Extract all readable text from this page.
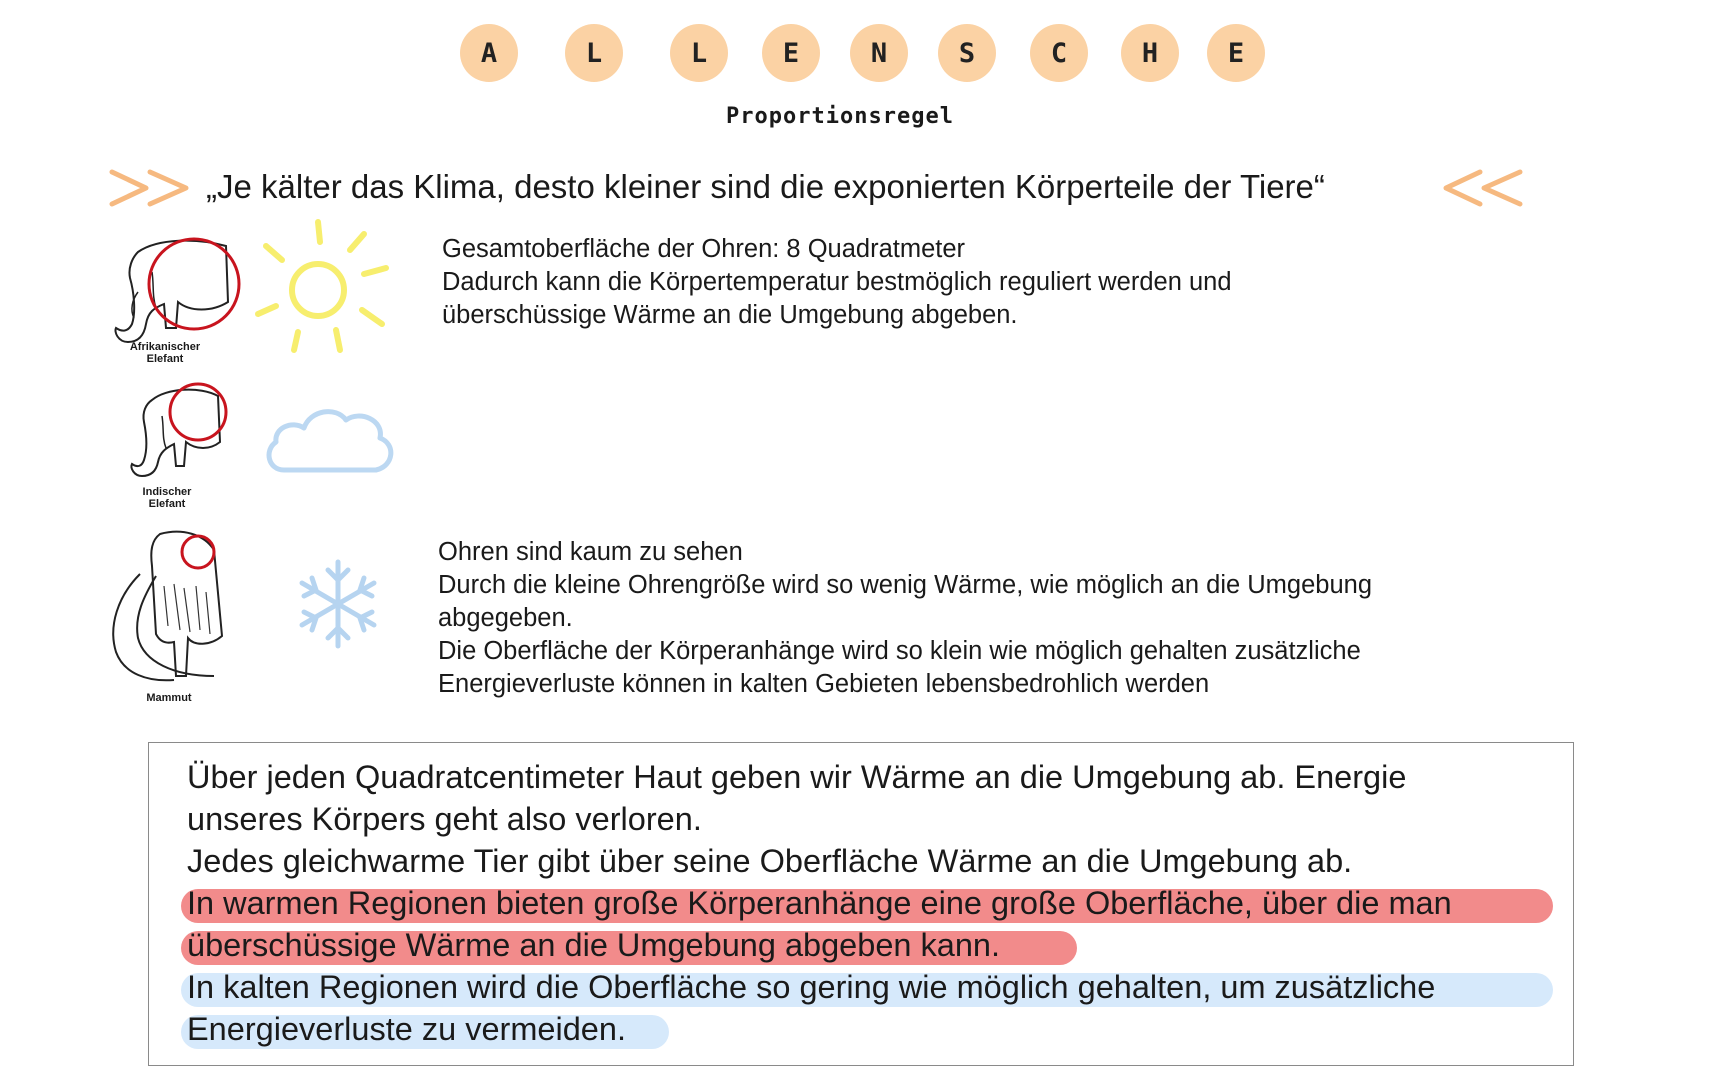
A	L	L	E	N	S	C	H	E
Proportionsregel
„Je kälter das Klima, desto kleiner sind die exponierten Körperteile der Tiere“
Afrikanischer
Elefant

Gesamtoberfläche der Ohren: 8 Quadratmeter

Dadurch kann die Körpertemperatur bestmöglich reguliert werden und

überschüssige Wärme an die Umgebung abgeben.

Indischer
Elefant
Mammut

Ohren sind kaum zu sehen

Durch die kleine Ohrengröße wird so wenig Wärme, wie möglich an die Umgebung

abgegeben.

Die Oberfläche der Körperanhänge wird so klein wie möglich gehalten zusätzliche

Energieverluste können in kalten Gebieten lebensbedrohlich werden

Über jeden Quadratcentimeter Haut geben wir Wärme an die Umgebung ab. Energie
unseres Körpers geht also verloren.
Jedes gleichwarme Tier gibt über seine Oberfläche Wärme an die Umgebung ab.
In warmen Regionen bieten große Körperanhänge eine große Oberfläche, über die man
überschüssige Wärme an die Umgebung abgeben kann.
In kalten Regionen wird die Oberfläche so gering wie möglich gehalten, um zusätzliche
Energieverluste zu vermeiden.
